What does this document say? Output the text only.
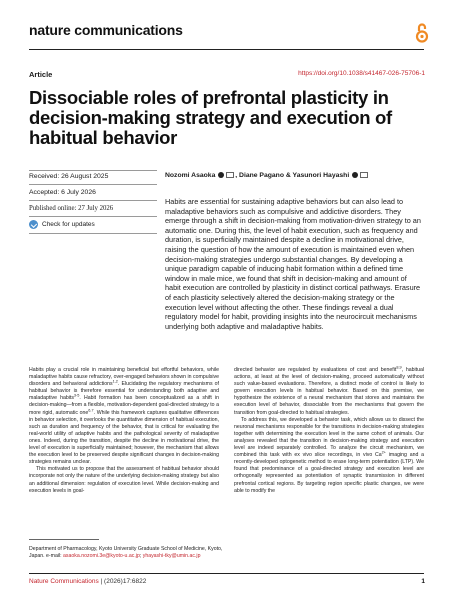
nature communications
Article	https://doi.org/10.1038/s41467-026-75706-1
Dissociable roles of prefrontal plasticity in decision-making strategy and execution of habitual behavior
Received: 26 August 2025
Accepted: 6 July 2026
Published online: 27 July 2026
Check for updates
Nozomi Asaoka	, Diane Pagano & Yasunori Hayashi

Habits are essential for sustaining adaptive behaviors but can also lead to maladaptive behaviors such as compulsive and addictive disorders. They emerge through a shift in decision-making from motivation-driven strategy to an automatic one. During this, the level of habit execution, such as frequency and duration, is superficially maintained despite a decline in motivational drive, raising the question of how the amount of execution is maintained even when decision-making strategies undergo substantial changes. By developing a unique paradigm capable of inducing habit formation within a defined time window in male mice, we found that shift in decision-making and amount of habit execution are controlled by plasticity in distinct cortical pathways. Erasure of each plasticity selectively altered the decision-making strategy or the execution level without affecting the other. These findings reveal a dual regulatory model for habit, providing insights into the neurocircuit mechanisms underlying both adaptive and maladaptive habits.

Habits play a crucial role in maintaining beneficial but effortful behaviors, while maladaptive habits cause refractory, over-engaged behaviors shown in compulsive disorders and behavioral addictions$^{1,2}$. Elucidating the regulatory mechanisms of habitual behavior is therefore essential for understanding both adaptive and maladaptive habits$^{3-5}$. Habit formation has been conceptualized as a shift in decision-making—from a flexible, motivation-dependent goal-directed strategy to a more rigid, automatic one$^{6,7}$. While this framework captures qualitative differences in behavior selection, it overlooks the quantitative dimension of habitual execution, such as duration and frequency of the behavior, that is critical for evaluating the real-world utility of adaptive habits and the pathological severity of maladaptive ones. Indeed, during the transition, despite the decline in motivational drive, the level of execution is superficially maintained; however, the mechanism that allows the execution level to be preserved despite significant changes in decision-making strategies remains unclear.

This motivated us to propose that the assessment of habitual behavior should incorporate not only the nature of the underlying decision-making strategy but also an additional dimension: regulation of execution level. While decision-making and execution levels in goal-

directed behavior are regulated by evaluations of cost and benefit$^{8,9}$, habitual actions, at least at the level of decision-making, proceed automatically without such value-based evaluations. Therefore, a distinct mode of control is likely to govern execution levels in habitual behavior. Based on this premise, we hypothesize the existence of a neural mechanism that stores and maintains the execution level of behavior, dissociable from the mechanisms that govern the transition from goal-directed to habitual strategies.

To address this, we developed a behavior task, which allows us to dissect the neuronal mechanisms responsible for the transitions in decision-making strategies together with determining the execution level in the same cohort of animals. Our analyses revealed that the transition in decision-making strategy and execution level are indeed separately controlled. To analyze the circuit mechanism, we combined this task with ex vivo slice recordings, in vivo $Ca^{2+}$ imaging and a recently-developed optogenetic method to erase long-term potentiation (LTP). We found that predominance of a goal-directed strategy and execution level are orthogonally represented as potentiation of synaptic transmission in different prefrontal cortical regions. By targeting region specific plastic changes, we were able to modify the

Department of Pharmacology, Kyoto University Graduate School of Medicine, Kyoto, Japan. e-mail: asaoka.nozomi.3e@kyoto-u.ac.jp; yhayashi-tky@umin.ac.jp
Nature Communications | (2026)17:6822	1
